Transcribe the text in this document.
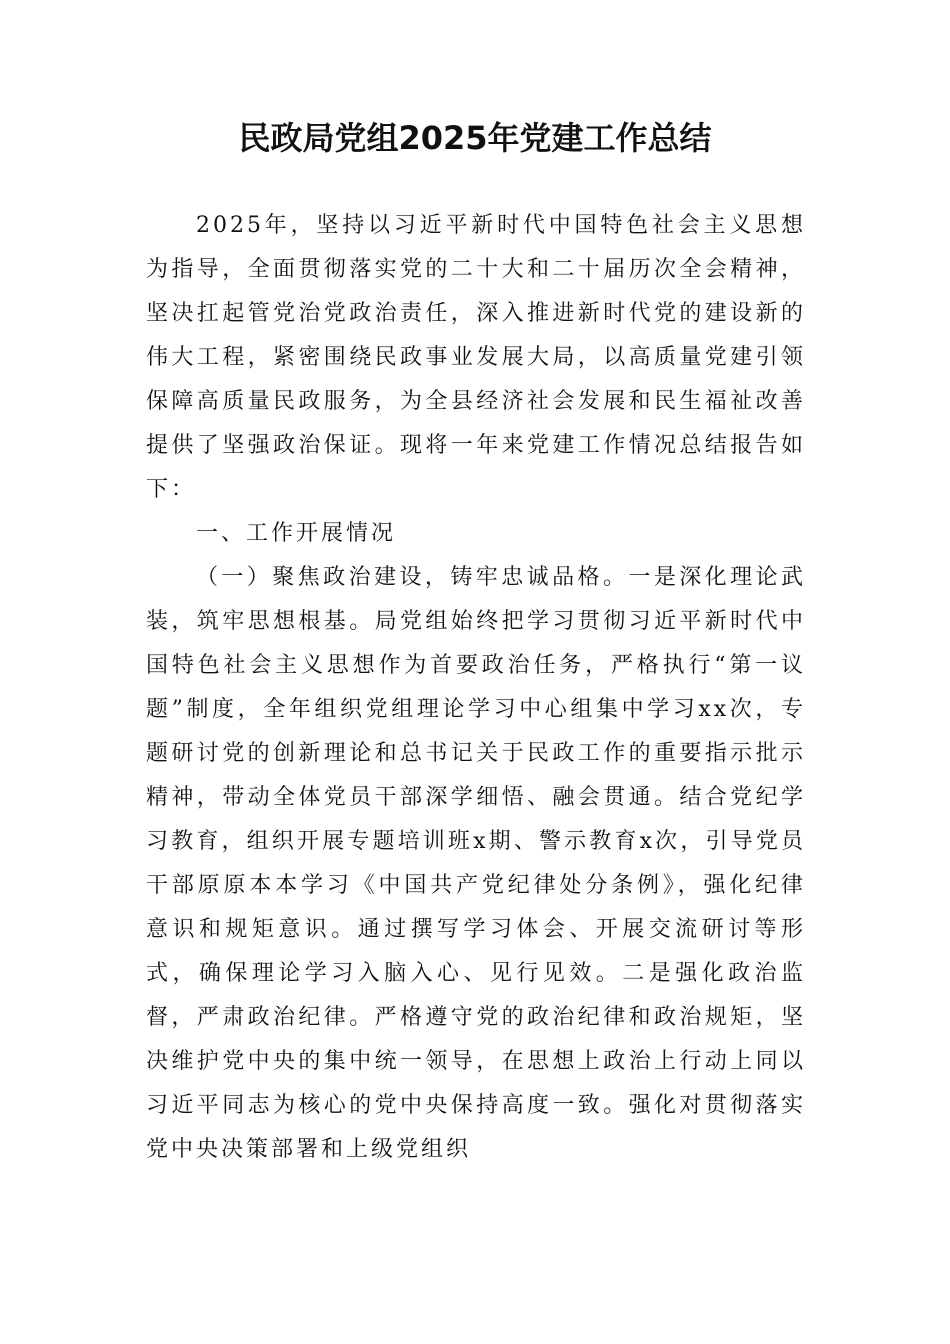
民政局党组2025年党建工作总结

2025年，坚持以习近平新时代中国特色社会主义思想为指导，全面贯彻落实党的二十大和二十届历次全会精神，坚决扛起管党治党政治责任，深入推进新时代党的建设新的伟大工程，紧密围绕民政事业发展大局，以高质量党建引领保障高质量民政服务，为全县经济社会发展和民生福祉改善提供了坚强政治保证。现将一年来党建工作情况总结报告如下：

一、工作开展情况

（一）聚焦政治建设，铸牢忠诚品格。一是深化理论武装，筑牢思想根基。局党组始终把学习贯彻习近平新时代中国特色社会主义思想作为首要政治任务，严格执行“第一议题”制度，全年组织党组理论学习中心组集中学习xx次，专题研讨党的创新理论和总书记关于民政工作的重要指示批示精神，带动全体党员干部深学细悟、融会贯通。结合党纪学习教育，组织开展专题培训班x期、警示教育x次，引导党员干部原原本本学习《中国共产党纪律处分条例》，强化纪律意识和规矩意识。通过撰写学习体会、开展交流研讨等形式，确保理论学习入脑入心、见行见效。二是强化政治监督，严肃政治纪律。严格遵守党的政治纪律和政治规矩，坚决维护党中央的集中统一领导，在思想上政治上行动上同以习近平同志为核心的党中央保持高度一致。强化对贯彻落实党中央决策部署和上级党组织
